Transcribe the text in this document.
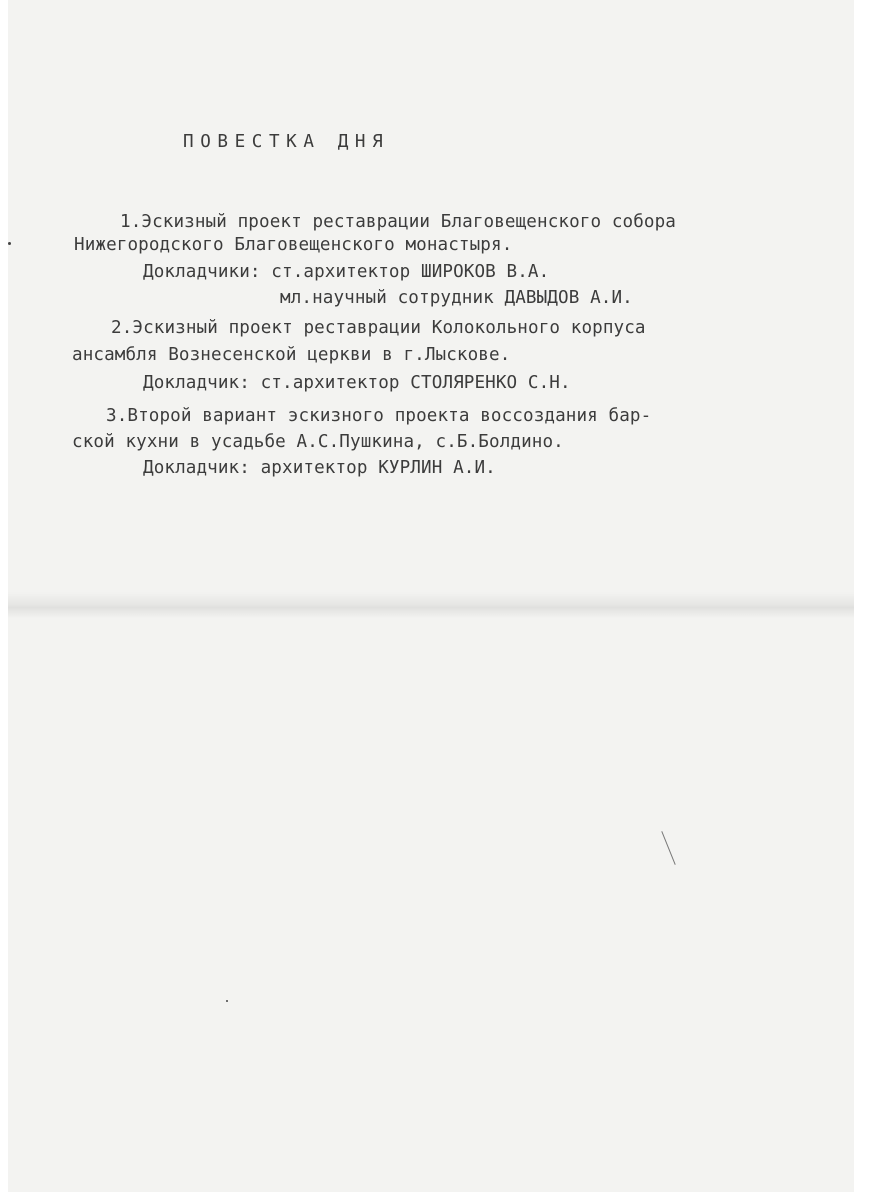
ПОВЕСТКА ДНЯ
1.Эскизный проект реставрации Благовещенского собора
Нижегородского Благовещенского монастыря.
Докладчики: ст.архитектор ШИРОКОВ В.А.
мл.научный сотрудник ДАВЫДОВ А.И.
2.Эскизный проект реставрации Колокольного корпуса
ансамбля Вознесенской церкви в г.Лыскове.
Докладчик: ст.архитектор СТОЛЯРЕНКО С.Н.
3.Второй вариант эскизного проекта воссоздания бар-
ской кухни в усадьбе А.С.Пушкина, с.Б.Болдино.
Докладчик: архитектор КУРЛИН А.И.
